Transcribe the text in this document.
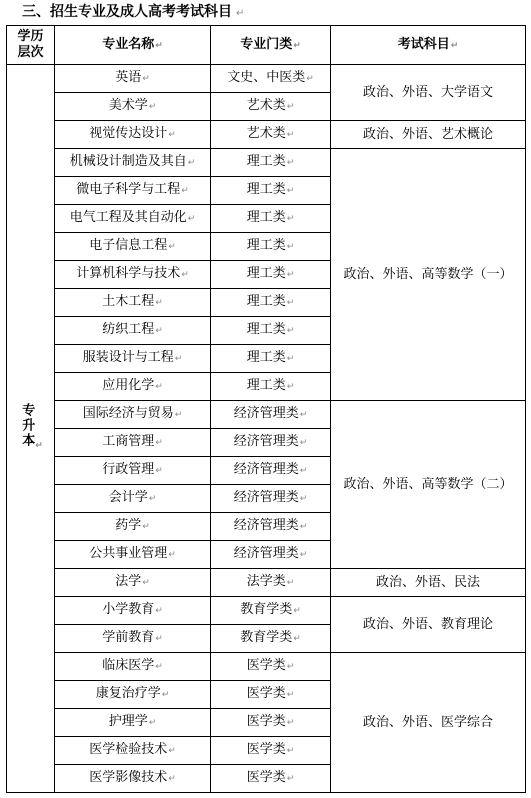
三、招生专业及成人高考考试科目 ↵
学历
层次	专业名称↵	专业门类↵	考试科目↵
专升本↵	英语↵	文史、中医类↵	政治、外语、大学语文
	美术学↵	艺术类↵	
	视觉传达设计↵	艺术类↵	政治、外语、艺术概论
	机械设计制造及其自↵	理工类↵	政治、外语、高等数学（一）
	微电子科学与工程↵	理工类↵	
	电气工程及其自动化↵	理工类↵	
	电子信息工程↵	理工类↵	
	计算机科学与技术↵	理工类↵	
	土木工程↵	理工类↵	
	纺织工程↵	理工类↵	
	服装设计与工程↵	理工类↵	
	应用化学↵	理工类↵	
	国际经济与贸易↵	经济管理类↵	政治、外语、高等数学（二）
	工商管理↵	经济管理类↵	
	行政管理↵	经济管理类↵	
	会计学↵	经济管理类↵	
	药学↵	经济管理类↵	
	公共事业管理↵	经济管理类↵	
	法学↵	法学类↵	政治、外语、民法
	小学教育↵	教育学类↵	政治、外语、教育理论
	学前教育↵	教育学类↵	
	临床医学↵	医学类↵	政治、外语、医学综合
	康复治疗学↵	医学类↵	
	护理学↵	医学类↵	
	医学检验技术↵	医学类↵	
	医学影像技术↵	医学类↵	
